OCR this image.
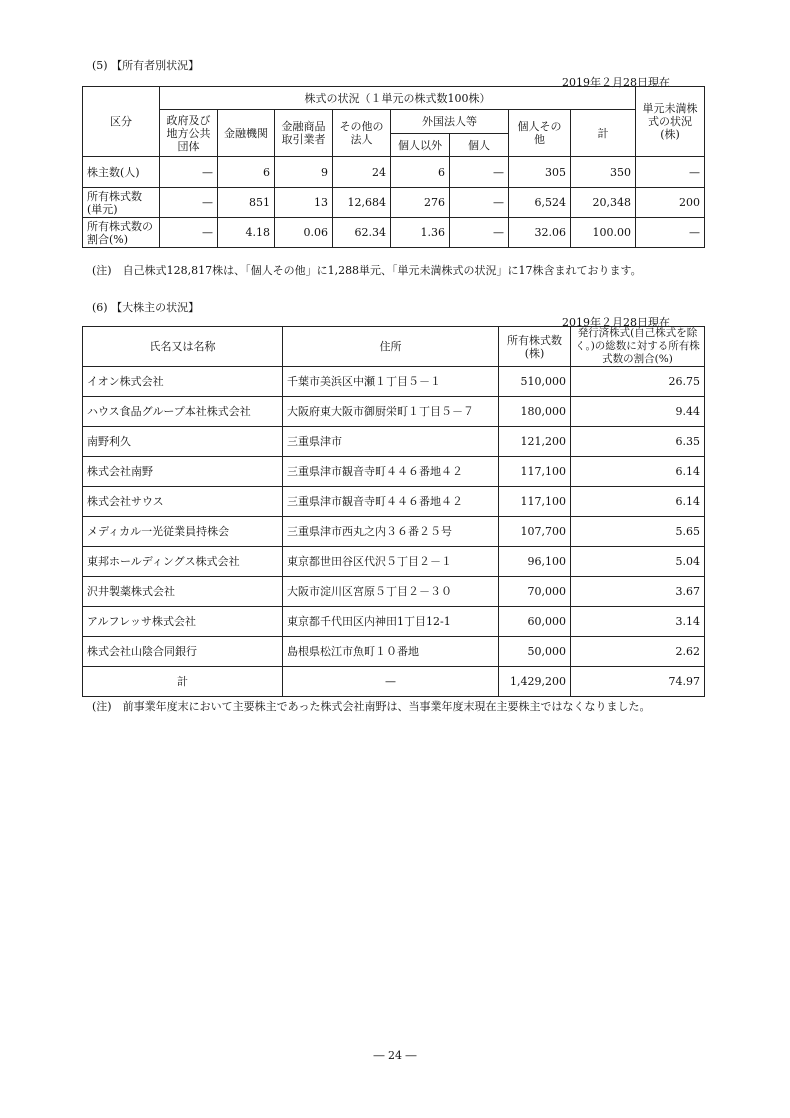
(5) 【所有者別状況】
2019年２月28日現在
区分	株式の状況（１単元の株式数100株）								単元未満株式の状況(株)
	政府及び地方公共団体	金融機関	金融商品取引業者	その他の法人	外国法人等		個人その他	計	
					個人以外	個人			
株主数(人)	—	6	9	24	6	—	305	350	—
所有株式数(単元)	—	851	13	12,684	276	—	6,524	20,348	200
所有株式数の割合(%)	—	4.18	0.06	62.34	1.36	—	32.06	100.00	—
(注)　自己株式128,817株は、「個人その他」に1,288単元、「単元未満株式の状況」に17株含まれております。
(6) 【大株主の状況】
2019年２月28日現在
氏名又は名称	住所	所有株式数(株)	発行済株式(自己株式を除く。)の総数に対する所有株式数の割合(%)
イオン株式会社	千葉市美浜区中瀬１丁目５－１	510,000	26.75
ハウス食品グループ本社株式会社	大阪府東大阪市御厨栄町１丁目５－７	180,000	9.44
南野利久	三重県津市	121,200	6.35
株式会社南野	三重県津市観音寺町４４６番地４２	117,100	6.14
株式会社サウス	三重県津市観音寺町４４６番地４２	117,100	6.14
メディカル一光従業員持株会	三重県津市西丸之内３６番２５号	107,700	5.65
東邦ホールディングス株式会社	東京都世田谷区代沢５丁目２－１	96,100	5.04
沢井製薬株式会社	大阪市淀川区宮原５丁目２－３０	70,000	3.67
アルフレッサ株式会社	東京都千代田区内神田1丁目12-1	60,000	3.14
株式会社山陰合同銀行	島根県松江市魚町１０番地	50,000	2.62
計	—	1,429,200	74.97
(注)　前事業年度末において主要株主であった株式会社南野は、当事業年度末現在主要株主ではなくなりました。
― 24 ―
